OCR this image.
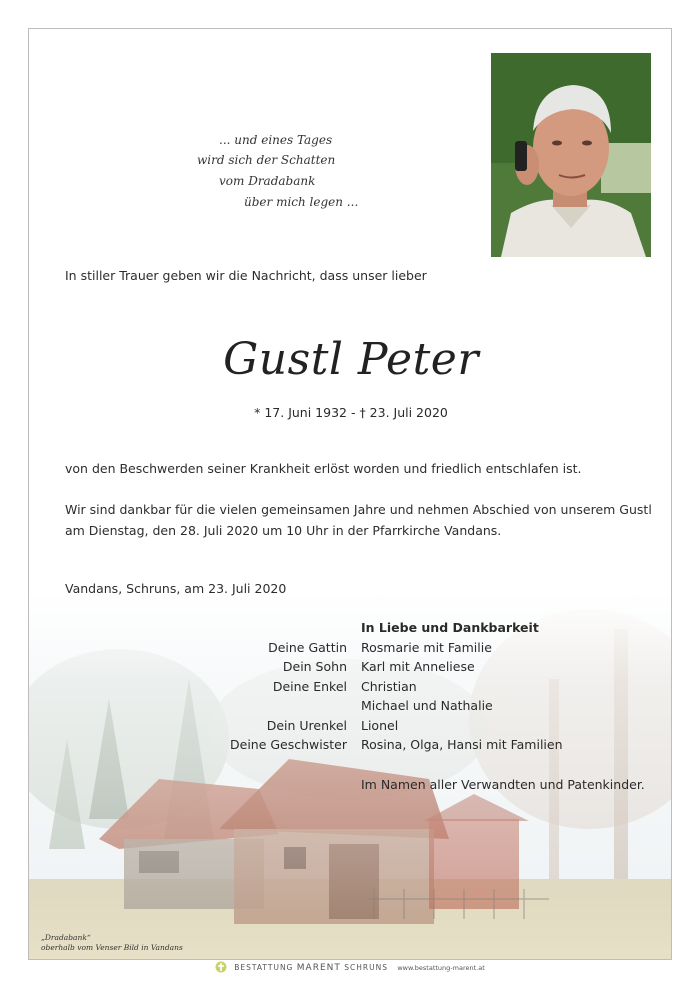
... und eines Tages
wird sich der Schatten
vom Dradabank
über mich legen ...
In stiller Trauer geben wir die Nachricht, dass unser lieber
Gustl Peter
* 17. Juni 1932 - † 23. Juli 2020
von den Beschwerden seiner Krankheit erlöst worden und friedlich entschlafen ist.
Wir sind dankbar für die vielen gemeinsamen Jahre und nehmen Abschied von unserem Gustl
am Dienstag, den 28. Juli 2020 um 10 Uhr in der Pfarrkirche Vandans.
Vandans, Schruns, am 23. Juli 2020
In Liebe und Dankbarkeit
Deine Gattin Rosmarie mit Familie
Dein Sohn Karl mit Anneliese
Deine Enkel Christian
Michael und Nathalie
Dein Urenkel Lionel
Deine Geschwister Rosina, Olga, Hansi mit Familien
Im Namen aller Verwandten und Patenkinder.
„Dradabank“
oberhalb vom Venser Bild in Vandans
BESTATTUNG MARENT SCHRUNS www.bestattung-marent.at
